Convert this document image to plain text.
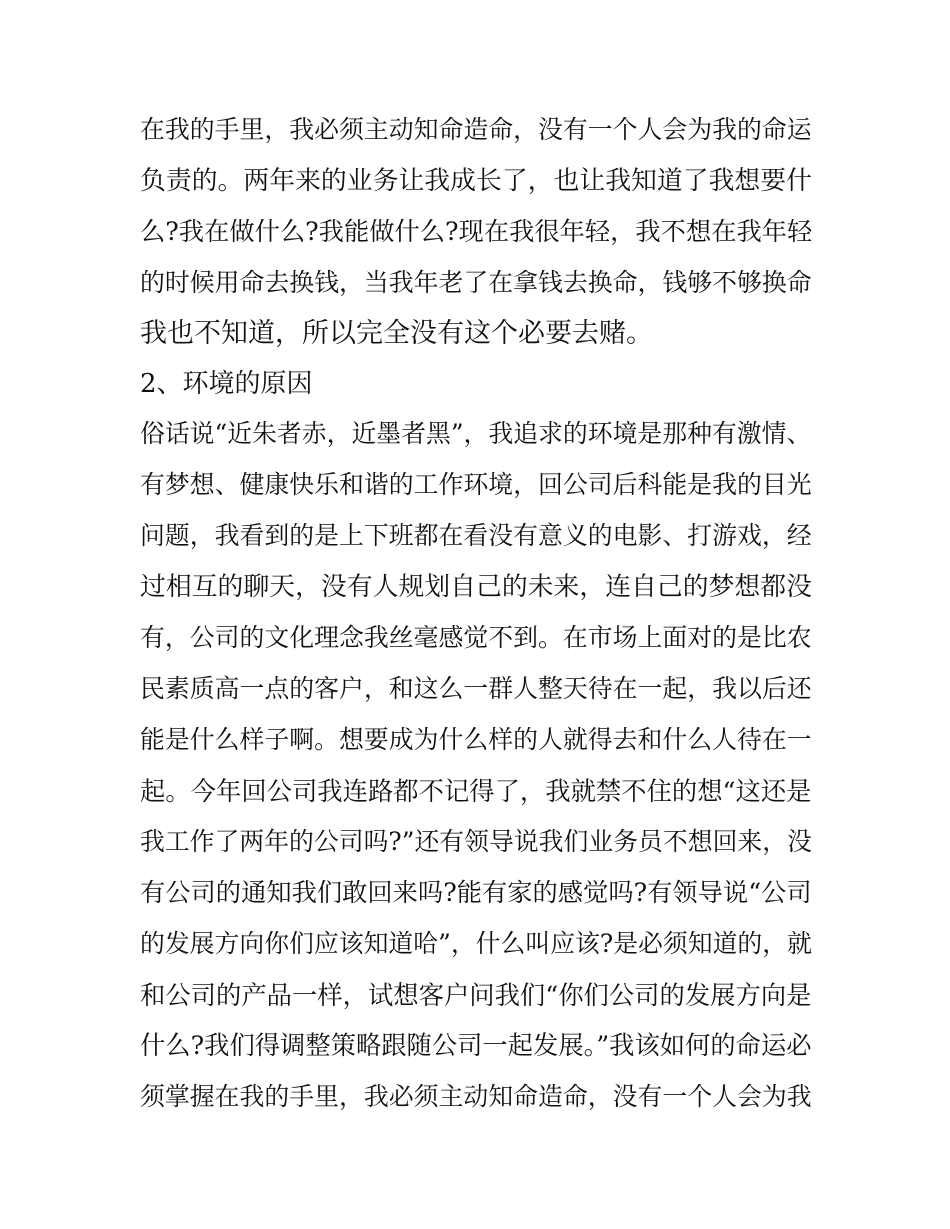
在我的手里，我必须主动知命造命，没有一个人会为我的命运
负责的。两年来的业务让我成长了，也让我知道了我想要什
么?我在做什么?我能做什么?现在我很年轻，我不想在我年轻
的时候用命去换钱，当我年老了在拿钱去换命，钱够不够换命
我也不知道，所以完全没有这个必要去赌。
2、环境的原因
俗话说“近朱者赤，近墨者黑”，我追求的环境是那种有激情、
有梦想、健康快乐和谐的工作环境，回公司后科能是我的目光
问题，我看到的是上下班都在看没有意义的电影、打游戏，经
过相互的聊天，没有人规划自己的未来，连自己的梦想都没
有，公司的文化理念我丝毫感觉不到。在市场上面对的是比农
民素质高一点的客户，和这么一群人整天待在一起，我以后还
能是什么样子啊。想要成为什么样的人就得去和什么人待在一
起。今年回公司我连路都不记得了，我就禁不住的想“这还是
我工作了两年的公司吗?”还有领导说我们业务员不想回来，没
有公司的通知我们敢回来吗?能有家的感觉吗?有领导说“公司
的发展方向你们应该知道哈”，什么叫应该?是必须知道的，就
和公司的产品一样，试想客户问我们“你们公司的发展方向是
什么?我们得调整策略跟随公司一起发展。”我该如何的命运必
须掌握在我的手里，我必须主动知命造命，没有一个人会为我
